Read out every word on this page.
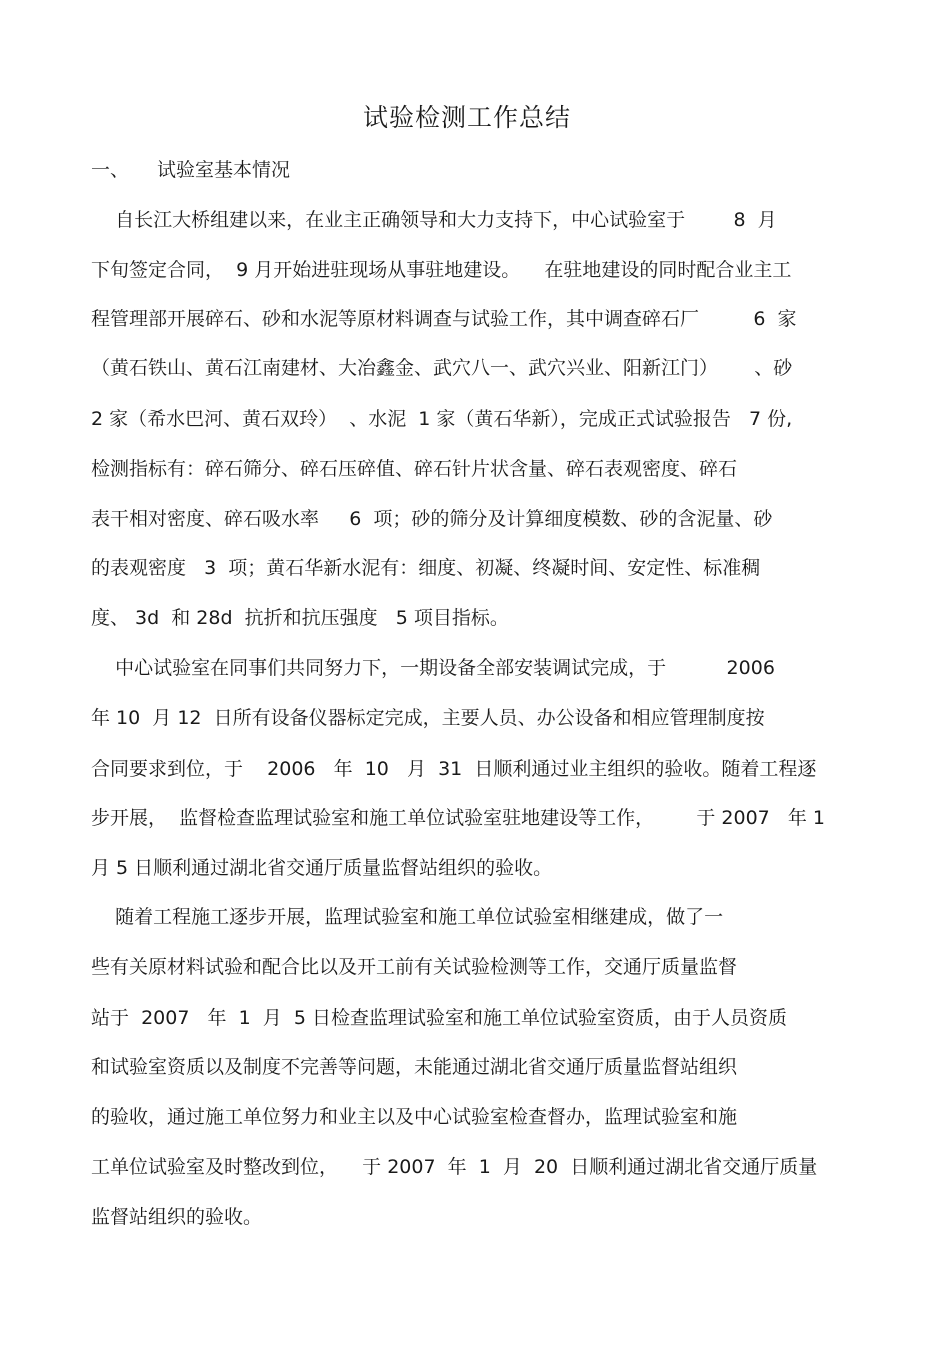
试验检测工作总结
一、 试验室基本情况
自长江大桥组建以来，在业主正确领导和大力支持下，中心试验室于        8  月
下旬签定合同，  9 月开始进驻现场从事驻地建设。    在驻地建设的同时配合业主工
程管理部开展碎石、砂和水泥等原材料调查与试验工作，其中调查碎石厂         6  家
（黄石铁山、黄石江南建材、大冶鑫金、武穴八一、武穴兴业、阳新江门）      、砂
2 家（希水巴河、黄石双玲）  、水泥  1 家（黄石华新），完成正式试验报告   7 份,
检测指标有：碎石筛分、碎石压碎值、碎石针片状含量、碎石表观密度、碎石
表干相对密度、碎石吸水率     6  项；砂的筛分及计算细度模数、砂的含泥量、砂
的表观密度   3  项；黄石华新水泥有：细度、初凝、终凝时间、安定性、标准稠
度、 3d  和 28d  抗折和抗压强度   5 项目指标。
中心试验室在同事们共同努力下，一期设备全部安装调试完成，于          2006
年 10  月 12  日所有设备仪器标定完成，主要人员、办公设备和相应管理制度按
合同要求到位，于    2006   年  10   月  31  日顺利通过业主组织的验收。随着工程逐
步开展，  监督检查监理试验室和施工单位试验室驻地建设等工作，       于 2007   年 1
月 5 日顺利通过湖北省交通厅质量监督站组织的验收。
随着工程施工逐步开展，监理试验室和施工单位试验室相继建成，做了一
些有关原材料试验和配合比以及开工前有关试验检测等工作，交通厅质量监督
站于  2007   年  1  月  5 日检查监理试验室和施工单位试验室资质，由于人员资质
和试验室资质以及制度不完善等问题，未能通过湖北省交通厅质量监督站组织
的验收，通过施工单位努力和业主以及中心试验室检查督办，监理试验室和施
工单位试验室及时整改到位，    于 2007  年  1  月  20  日顺利通过湖北省交通厅质量
监督站组织的验收。
